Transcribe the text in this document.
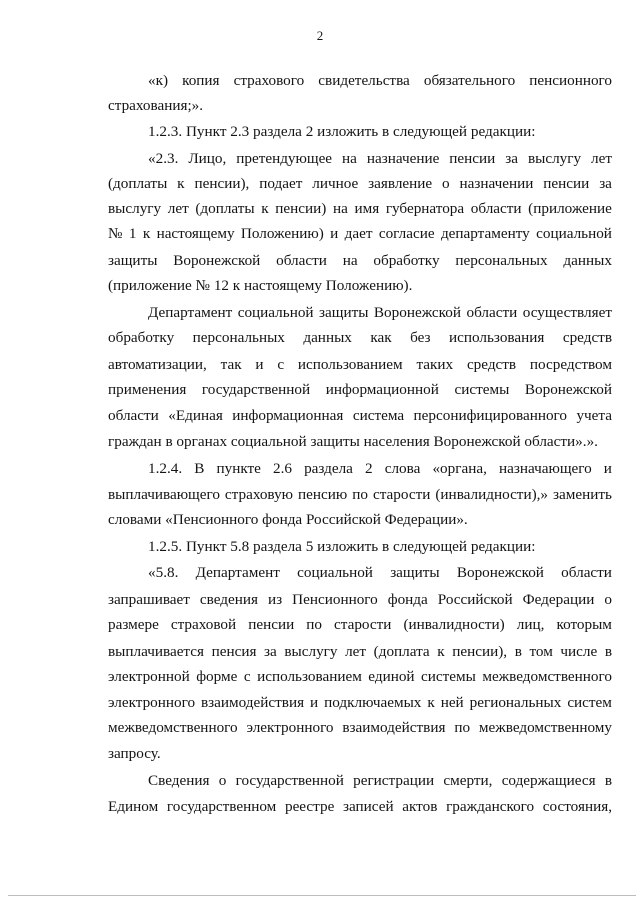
2
«к) копия страхового свидетельства обязательного пенсионного
страхования;».
1.2.3. Пункт 2.3 раздела 2 изложить в следующей редакции:
«2.3. Лицо, претендующее на назначение пенсии за выслугу лет
(доплаты к пенсии), подает личное заявление о назначении пенсии за
выслугу лет (доплаты к пенсии) на имя губернатора области (приложение
№ 1 к настоящему Положению) и дает согласие департаменту социальной
защиты Воронежской области на обработку персональных данных
(приложение № 12 к настоящему Положению).
Департамент социальной защиты Воронежской области осуществляет
обработку персональных данных как без использования средств
автоматизации, так и с использованием таких средств посредством
применения государственной информационной системы Воронежской
области «Единая информационная система персонифицированного учета
граждан в органах социальной защиты населения Воронежской области».».
1.2.4. В пункте 2.6 раздела 2 слова «органа, назначающего и
выплачивающего страховую пенсию по старости (инвалидности),» заменить
словами «Пенсионного фонда Российской Федерации».
1.2.5. Пункт 5.8 раздела 5 изложить в следующей редакции:
«5.8. Департамент социальной защиты Воронежской области
запрашивает сведения из Пенсионного фонда Российской Федерации о
размере страховой пенсии по старости (инвалидности) лиц, которым
выплачивается пенсия за выслугу лет (доплата к пенсии), в том числе в
электронной форме с использованием единой системы межведомственного
электронного взаимодействия и подключаемых к ней региональных систем
межведомственного электронного взаимодействия по межведомственному
запросу.
Сведения о государственной регистрации смерти, содержащиеся в
Едином государственном реестре записей актов гражданского состояния,
